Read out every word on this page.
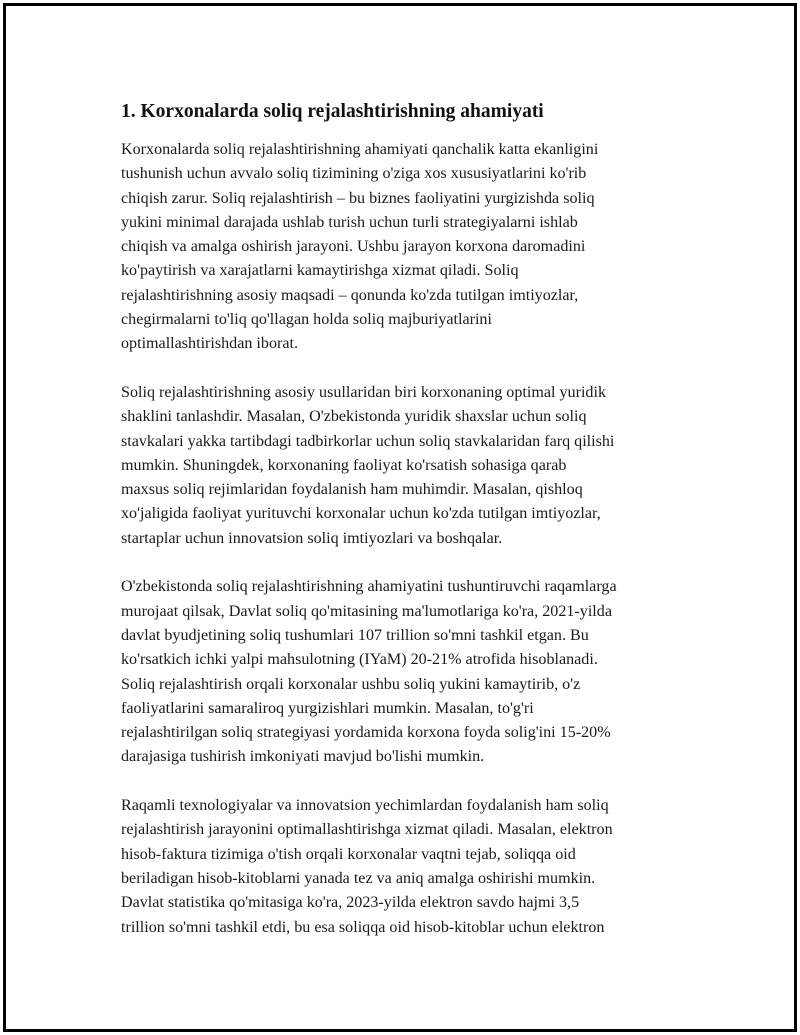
1. Korxonalarda soliq rejalashtirishning ahamiyati

Korxonalarda soliq rejalashtirishning ahamiyati qanchalik katta ekanligini
tushunish uchun avvalo soliq tizimining o'ziga xos xususiyatlarini ko'rib
chiqish zarur. Soliq rejalashtirish – bu biznes faoliyatini yurgizishda soliq
yukini minimal darajada ushlab turish uchun turli strategiyalarni ishlab
chiqish va amalga oshirish jarayoni. Ushbu jarayon korxona daromadini
ko'paytirish va xarajatlarni kamaytirishga xizmat qiladi. Soliq
rejalashtirishning asosiy maqsadi – qonunda ko'zda tutilgan imtiyozlar,
chegirmalarni to'liq qo'llagan holda soliq majburiyatlarini
optimallashtirishdan iborat.

Soliq rejalashtirishning asosiy usullaridan biri korxonaning optimal yuridik
shaklini tanlashdir. Masalan, O'zbekistonda yuridik shaxslar uchun soliq
stavkalari yakka tartibdagi tadbirkorlar uchun soliq stavkalaridan farq qilishi
mumkin. Shuningdek, korxonaning faoliyat ko'rsatish sohasiga qarab
maxsus soliq rejimlaridan foydalanish ham muhimdir. Masalan, qishloq
xo'jaligida faoliyat yurituvchi korxonalar uchun ko'zda tutilgan imtiyozlar,
startaplar uchun innovatsion soliq imtiyozlari va boshqalar.

O'zbekistonda soliq rejalashtirishning ahamiyatini tushuntiruvchi raqamlarga
murojaat qilsak, Davlat soliq qo'mitasining ma'lumotlariga ko'ra, 2021-yilda
davlat byudjetining soliq tushumlari 107 trillion so'mni tashkil etgan. Bu
ko'rsatkich ichki yalpi mahsulotning (IYaM) 20-21% atrofida hisoblanadi.
Soliq rejalashtirish orqali korxonalar ushbu soliq yukini kamaytirib, o'z
faoliyatlarini samaraliroq yurgizishlari mumkin. Masalan, to'g'ri
rejalashtirilgan soliq strategiyasi yordamida korxona foyda solig'ini 15-20%
darajasiga tushirish imkoniyati mavjud bo'lishi mumkin.

Raqamli texnologiyalar va innovatsion yechimlardan foydalanish ham soliq
rejalashtirish jarayonini optimallashtirishga xizmat qiladi. Masalan, elektron
hisob-faktura tizimiga o'tish orqali korxonalar vaqtni tejab, soliqqa oid
beriladigan hisob-kitoblarni yanada tez va aniq amalga oshirishi mumkin.
Davlat statistika qo'mitasiga ko'ra, 2023-yilda elektron savdo hajmi 3,5
trillion so'mni tashkil etdi, bu esa soliqqa oid hisob-kitoblar uchun elektron
